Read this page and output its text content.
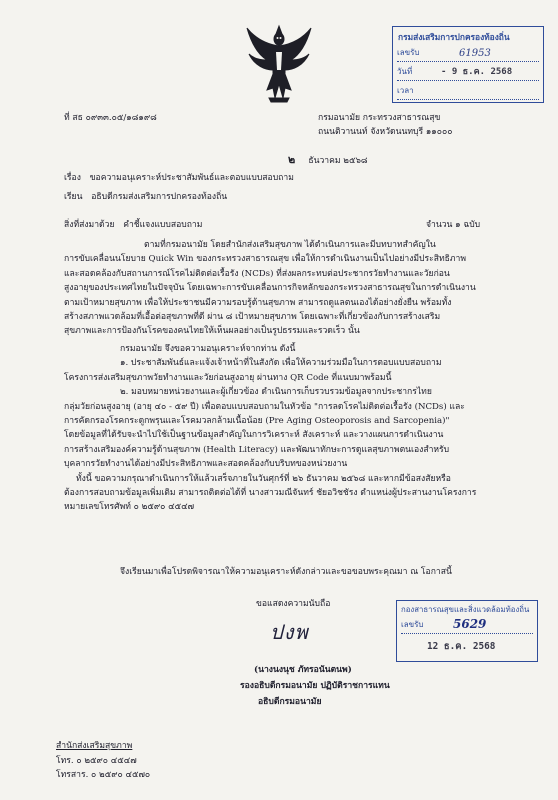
กรมส่งเสริมการปกครองท้องถิ่น
เลขรับ	61953
วันที่	- 9 ธ.ค. 2568
เวลา
ที่ สธ ๐๙๓๓.๐๕/๑๘๑๙๘	กรมอนามัย กระทรวงสาธารณสุข
ถนนติวานนท์ จังหวัดนนทบุรี ๑๑๐๐๐
๒ ธันวาคม ๒๕๖๘
เรื่อง ขอความอนุเคราะห์ประชาสัมพันธ์และตอบแบบสอบถาม
เรียน อธิบดีกรมส่งเสริมการปกครองท้องถิ่น
สิ่งที่ส่งมาด้วย คำชี้แจงแบบสอบถาม	จำนวน ๑ ฉบับ
ตามที่กรมอนามัย โดยสำนักส่งเสริมสุขภาพ ได้ดำเนินการและมีบทบาทสำคัญใน
การขับเคลื่อนนโยบาย Quick Win ของกระทรวงสาธารณสุข เพื่อให้การดำเนินงานเป็นไปอย่างมีประสิทธิภาพ
และสอดคล้องกับสถานการณ์โรคไม่ติดต่อเรื้อรัง (NCDs) ที่ส่งผลกระทบต่อประชากรวัยทำงานและวัยก่อน
สูงอายุของประเทศไทยในปัจจุบัน โดยเฉพาะการขับเคลื่อนการกิจหลักของกระทรวงสาธารณสุขในการดำเนินงาน
ตามเป้าหมายสุขภาพ เพื่อให้ประชาชนมีความรอบรู้ด้านสุขภาพ สามารถดูแลตนเองได้อย่างยั่งยืน พร้อมทั้ง
สร้างสภาพแวดล้อมที่เอื้อต่อสุขภาพที่ดี ผ่าน ๘ เป้าหมายสุขภาพ โดยเฉพาะที่เกี่ยวข้องกับการสร้างเสริม
สุขภาพและการป้องกันโรคของคนไทยให้เห็นผลอย่างเป็นรูปธรรมและรวดเร็ว นั้น
กรมอนามัย จึงขอความอนุเคราะห์จากท่าน ดังนี้
๑. ประชาสัมพันธ์และแจ้งเจ้าหน้าที่ในสังกัด เพื่อให้ความร่วมมือในการตอบแบบสอบถาม
โครงการส่งเสริมสุขภาพวัยทำงานและวัยก่อนสูงอายุ ผ่านทาง QR Code ที่แนบมาพร้อมนี้
๒. มอบหมายหน่วยงานและผู้เกี่ยวข้อง ดำเนินการเก็บรวบรวมข้อมูลจากประชากรไทย
กลุ่มวัยก่อนสูงอายุ (อายุ ๔๐ - ๕๙ ปี) เพื่อตอบแบบสอบถามในหัวข้อ "การลดโรคไม่ติดต่อเรื้อรัง (NCDs) และ
การคัดกรองโรคกระดูกพรุนและโรคมวลกล้ามเนื้อน้อย (Pre Aging Osteoporosis and Sarcopenia)"
โดยข้อมูลที่ได้รับจะนำไปใช้เป็นฐานข้อมูลสำคัญในการวิเคราะห์ สังเคราะห์ และวางแผนการดำเนินงาน
การสร้างเสริมองค์ความรู้ด้านสุขภาพ (Health Literacy) และพัฒนาทักษะการดูแลสุขภาพตนเองสำหรับ
บุคลากรวัยทำงานได้อย่างมีประสิทธิภาพและสอดคล้องกับบริบทของหน่วยงาน
ทั้งนี้ ขอความกรุณาดำเนินการให้แล้วเสร็จภายในวันศุกร์ที่ ๒๖ ธันวาคม ๒๕๖๘ และหากมีข้อสงสัยหรือ
ต้องการสอบถามข้อมูลเพิ่มเติม สามารถติดต่อได้ที่ นางสาวมณีจันทร์ ชัยอวิชชัรง ตำแหน่งผู้ประสานงานโครงการ
หมายเลขโทรศัพท์ ๐ ๒๕๙๐ ๔๕๔๗
จึงเรียนมาเพื่อโปรดพิจารณาให้ความอนุเคราะห์ดังกล่าวและขอขอบพระคุณมา ณ โอกาสนี้
ขอแสดงความนับถือ
ปงพ
(นางนงนุช ภัทรอนันตนพ)
รองอธิบดีกรมอนามัย ปฏิบัติราชการแทน
อธิบดีกรมอนามัย
กองสาธารณสุขและสิ่งแวดล้อมท้องถิ่น
เลขรับ 5629
12 ธ.ค. 2568
สำนักส่งเสริมสุขภาพ
โทร. ๐ ๒๕๙๐ ๔๕๔๗
โทรสาร. ๐ ๒๕๙๐ ๔๕๗๐
